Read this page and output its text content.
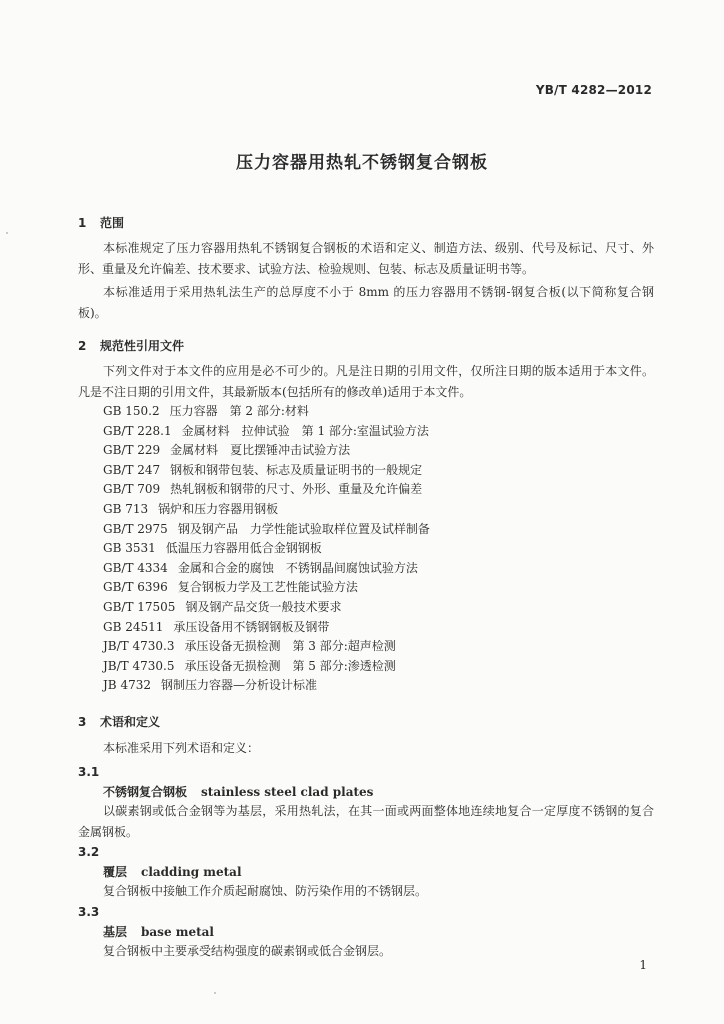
YB/T 4282—2012
压力容器用热轧不锈钢复合钢板
1 范围
本标准规定了压力容器用热轧不锈钢复合钢板的术语和定义、制造方法、级别、代号及标记、尺寸、外形、重量及允许偏差、技术要求、试验方法、检验规则、包装、标志及质量证明书等。
本标准适用于采用热轧法生产的总厚度不小于 8mm 的压力容器用不锈钢-钢复合板(以下简称复合钢板)。
2 规范性引用文件
下列文件对于本文件的应用是必不可少的。凡是注日期的引用文件，仅所注日期的版本适用于本文件。凡是不注日期的引用文件，其最新版本(包括所有的修改单)适用于本文件。
GB 150.2 压力容器　第 2 部分:材料
GB/T 228.1 金属材料　拉伸试验　第 1 部分:室温试验方法
GB/T 229 金属材料　夏比摆锤冲击试验方法
GB/T 247 钢板和钢带包装、标志及质量证明书的一般规定
GB/T 709 热轧钢板和钢带的尺寸、外形、重量及允许偏差
GB 713 锅炉和压力容器用钢板
GB/T 2975 钢及钢产品　力学性能试验取样位置及试样制备
GB 3531 低温压力容器用低合金钢钢板
GB/T 4334 金属和合金的腐蚀　不锈钢晶间腐蚀试验方法
GB/T 6396 复合钢板力学及工艺性能试验方法
GB/T 17505 钢及钢产品交货一般技术要求
GB 24511 承压设备用不锈钢钢板及钢带
JB/T 4730.3 承压设备无损检测　第 3 部分:超声检测
JB/T 4730.5 承压设备无损检测　第 5 部分:渗透检测
JB 4732 钢制压力容器—分析设计标准
3 术语和定义
本标准采用下列术语和定义：
3.1
不锈钢复合钢板 stainless steel clad plates
以碳素钢或低合金钢等为基层，采用热轧法，在其一面或两面整体地连续地复合一定厚度不锈钢的复合金属钢板。
3.2
覆层 cladding metal
复合钢板中接触工作介质起耐腐蚀、防污染作用的不锈钢层。
3.3
基层 base metal
复合钢板中主要承受结构强度的碳素钢或低合金钢层。
1
